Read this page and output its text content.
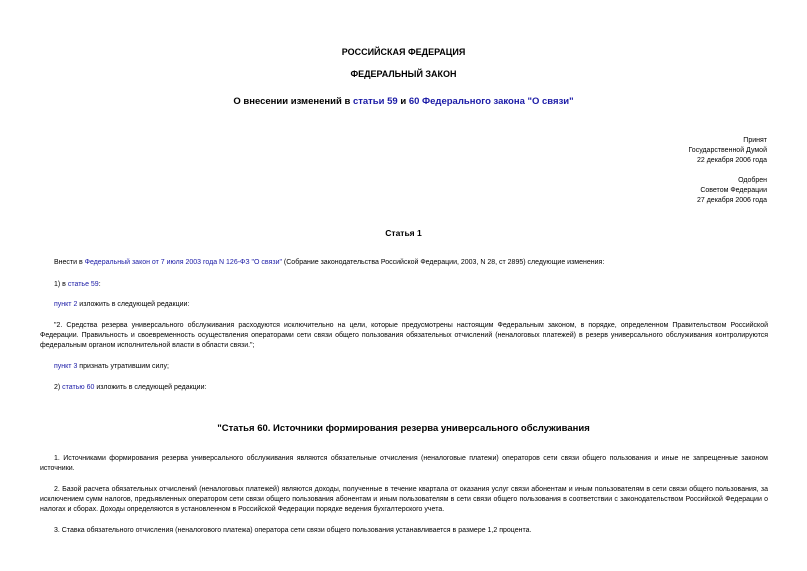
РОССИЙСКАЯ ФЕДЕРАЦИЯ
ФЕДЕРАЛЬНЫЙ ЗАКОН
О внесении изменений в статьи 59 и 60 Федерального закона "О связи"
Принят
Государственной Думой
22 декабря 2006 года
Одобрен
Советом Федерации
27 декабря 2006 года
Статья 1
Внести в Федеральный закон от 7 июля 2003 года N 126-ФЗ "О связи" (Собрание законодательства Российской Федерации, 2003, N 28, ст 2895) следующие изменения:
1) в статье 59:
пункт 2 изложить в следующей редакции:
"2. Средства резерва универсального обслуживания расходуются исключительно на цели, которые предусмотрены настоящим Федеральным законом, в порядке, определенном Правительством Российской Федерации. Правильность и своевременность осуществления операторами сети связи общего пользования обязательных отчислений (неналоговых платежей) в резерв универсального обслуживания контролируются федеральным органом исполнительной власти в области связи.";
пункт 3 признать утратившим силу;
2) статью 60 изложить в следующей редакции:
"Статья 60. Источники формирования резерва универсального обслуживания
1. Источниками формирования резерва универсального обслуживания являются обязательные отчисления (неналоговые платежи) операторов сети связи общего пользования и иные не запрещенные законом источники.
2. Базой расчета обязательных отчислений (неналоговых платежей) являются доходы, полученные в течение квартала от оказания услуг связи абонентам и иным пользователям в сети связи общего пользования, за исключением сумм налогов, предъявленных оператором сети связи общего пользования абонентам и иным пользователям в сети связи общего пользования в соответствии с законодательством Российской Федерации о налогах и сборах. Доходы определяются в установленном в Российской Федерации порядке ведения бухгалтерского учета.
3. Ставка обязательного отчисления (неналогового платежа) оператора сети связи общего пользования устанавливается в размере 1,2 процента.
